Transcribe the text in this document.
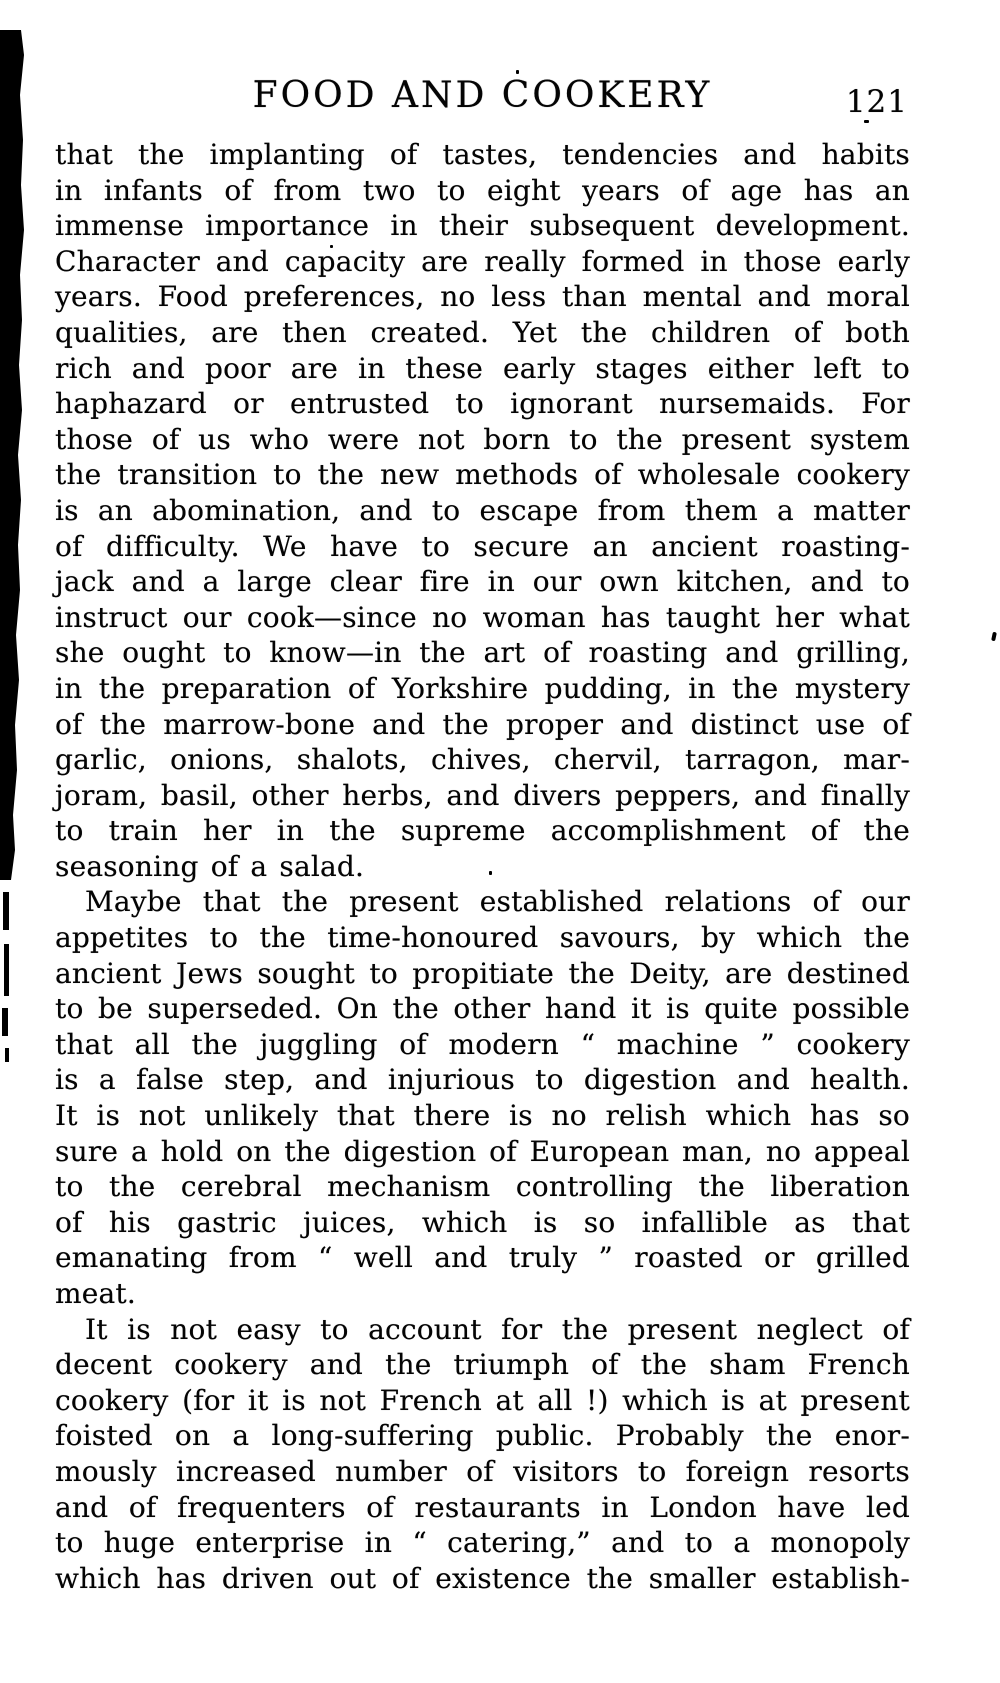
FOOD AND COOKERY	121
that the implanting of tastes, tendencies and habits
in infants of from two to eight years of age has an
immense importance in their subsequent development.
Character and capacity are really formed in those early
years. Food preferences, no less than mental and moral
qualities, are then created. Yet the children of both
rich and poor are in these early stages either left to
haphazard or entrusted to ignorant nursemaids. For
those of us who were not born to the present system
the transition to the new methods of wholesale cookery
is an abomination, and to escape from them a matter
of difficulty. We have to secure an ancient roasting-
jack and a large clear fire in our own kitchen, and to
instruct our cook—since no woman has taught her what
she ought to know—in the art of roasting and grilling,
in the preparation of Yorkshire pudding, in the mystery
of the marrow-bone and the proper and distinct use of
garlic, onions, shalots, chives, chervil, tarragon, mar-
joram, basil, other herbs, and divers peppers, and finally
to train her in the supreme accomplishment of the
seasoning of a salad.
Maybe that the present established relations of our
appetites to the time-honoured savours, by which the
ancient Jews sought to propitiate the Deity, are destined
to be superseded. On the other hand it is quite possible
that all the juggling of modern “ machine ” cookery
is a false step, and injurious to digestion and health.
It is not unlikely that there is no relish which has so
sure a hold on the digestion of European man, no appeal
to the cerebral mechanism controlling the liberation
of his gastric juices, which is so infallible as that
emanating from “ well and truly ” roasted or grilled
meat.
It is not easy to account for the present neglect of
decent cookery and the triumph of the sham French
cookery (for it is not French at all !) which is at present
foisted on a long-suffering public. Probably the enor-
mously increased number of visitors to foreign resorts
and of frequenters of restaurants in London have led
to huge enterprise in “ catering,” and to a monopoly
which has driven out of existence the smaller establish-
